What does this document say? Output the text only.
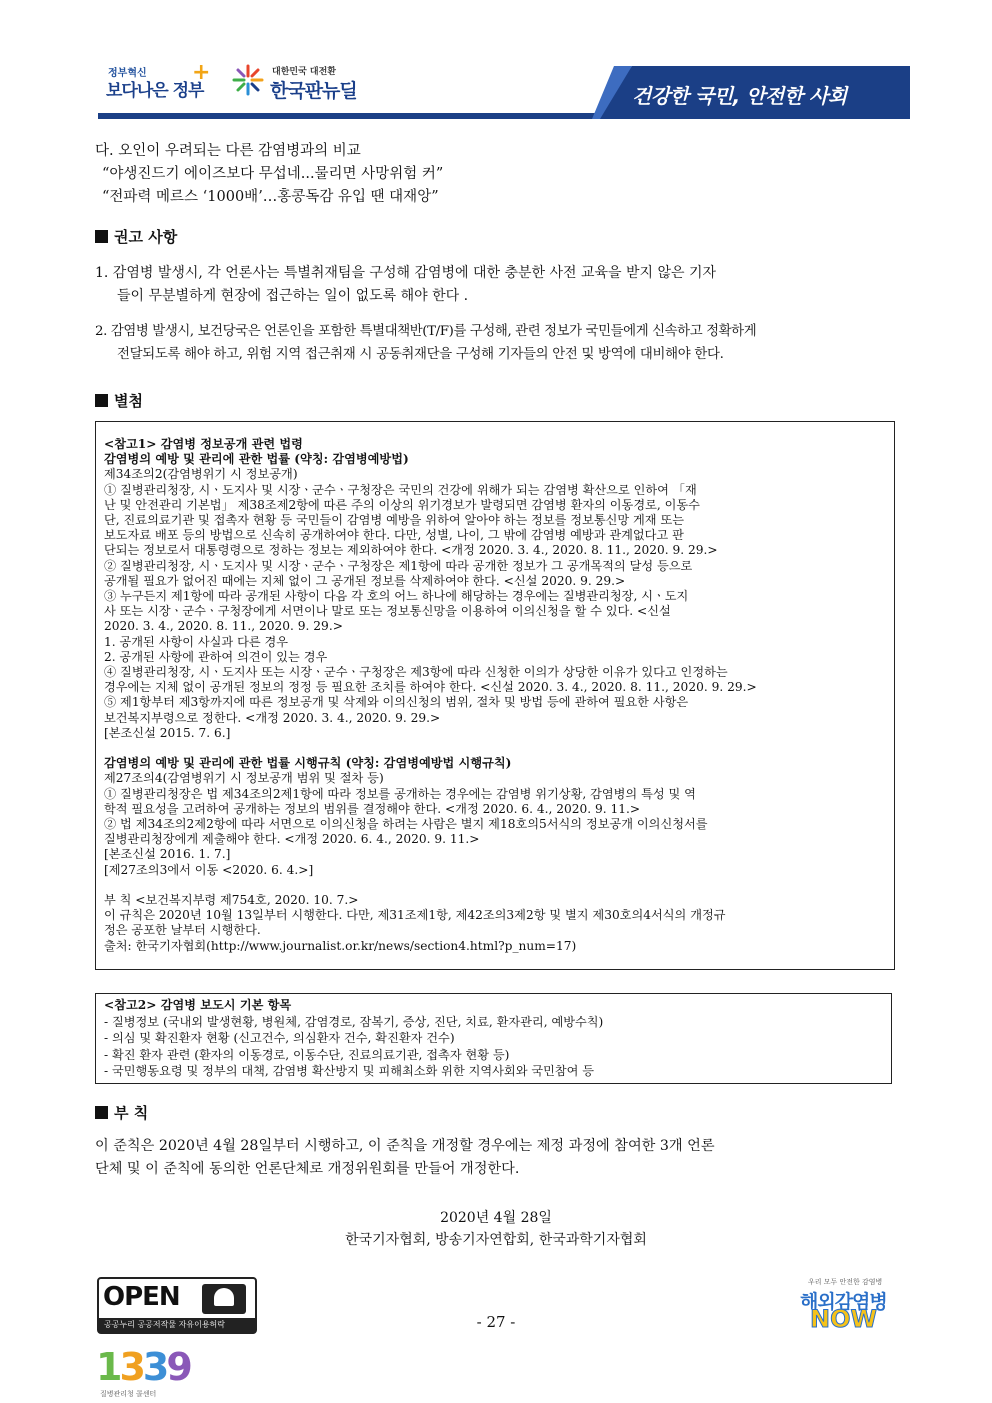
정부혁신
보다나은 정부
+	대한민국 대전환
한국판뉴딜	건강한 국민, 안전한 사회
다. 오인이 우려되는 다른 감염병과의 비교
“야생진드기 에이즈보다 무섭네...물리면 사망위험 커”
“전파력 메르스 ‘1000배’…홍콩독감 유입 땐 대재앙”
권고 사항
1. 감염병 발생시, 각 언론사는 특별취재팀을 구성해 감염병에 대한 충분한 사전 교육을 받지 않은 기자
들이 무분별하게 현장에 접근하는 일이 없도록 해야 한다 .
2. 감염병 발생시, 보건당국은 언론인을 포함한 특별대책반(T/F)를 구성해, 관련 정보가 국민들에게 신속하고 정확하게
전달되도록 해야 하고, 위험 지역 접근취재 시 공동취재단을 구성해 기자들의 안전 및 방역에 대비해야 한다.
별첨
<참고1> 감염병 정보공개 관련 법령
감염병의 예방 및 관리에 관한 법률 (약칭: 감염병예방법)
제34조의2(감염병위기 시 정보공개)
① 질병관리청장, 시ㆍ도지사 및 시장ㆍ군수ㆍ구청장은 국민의 건강에 위해가 되는 감염병 확산으로 인하여 「재
난 및 안전관리 기본법」 제38조제2항에 따른 주의 이상의 위기경보가 발령되면 감염병 환자의 이동경로, 이동수
단, 진료의료기관 및 접촉자 현황 등 국민들이 감염병 예방을 위하여 알아야 하는 정보를 정보통신망 게재 또는
보도자료 배포 등의 방법으로 신속히 공개하여야 한다. 다만, 성별, 나이, 그 밖에 감염병 예방과 관계없다고 판
단되는 정보로서 대통령령으로 정하는 정보는 제외하여야 한다. <개정 2020. 3. 4., 2020. 8. 11., 2020. 9. 29.>
② 질병관리청장, 시ㆍ도지사 및 시장ㆍ군수ㆍ구청장은 제1항에 따라 공개한 정보가 그 공개목적의 달성 등으로
공개될 필요가 없어진 때에는 지체 없이 그 공개된 정보를 삭제하여야 한다. <신설 2020. 9. 29.>
③ 누구든지 제1항에 따라 공개된 사항이 다음 각 호의 어느 하나에 해당하는 경우에는 질병관리청장, 시ㆍ도지
사 또는 시장ㆍ군수ㆍ구청장에게 서면이나 말로 또는 정보통신망을 이용하여 이의신청을 할 수 있다. <신설
2020. 3. 4., 2020. 8. 11., 2020. 9. 29.>
1. 공개된 사항이 사실과 다른 경우
2. 공개된 사항에 관하여 의견이 있는 경우
④ 질병관리청장, 시ㆍ도지사 또는 시장ㆍ군수ㆍ구청장은 제3항에 따라 신청한 이의가 상당한 이유가 있다고 인정하는
경우에는 지체 없이 공개된 정보의 정정 등 필요한 조치를 하여야 한다. <신설 2020. 3. 4., 2020. 8. 11., 2020. 9. 29.>
⑤ 제1항부터 제3항까지에 따른 정보공개 및 삭제와 이의신청의 범위, 절차 및 방법 등에 관하여 필요한 사항은
보건복지부령으로 정한다. <개정 2020. 3. 4., 2020. 9. 29.>
[본조신설 2015. 7. 6.]
감염병의 예방 및 관리에 관한 법률 시행규칙 (약칭: 감염병예방법 시행규칙)
제27조의4(감염병위기 시 정보공개 범위 및 절차 등)
① 질병관리청장은 법 제34조의2제1항에 따라 정보를 공개하는 경우에는 감염병 위기상황, 감염병의 특성 및 역
학적 필요성을 고려하여 공개하는 정보의 범위를 결정해야 한다. <개정 2020. 6. 4., 2020. 9. 11.>
② 법 제34조의2제2항에 따라 서면으로 이의신청을 하려는 사람은 별지 제18호의5서식의 정보공개 이의신청서를
질병관리청장에게 제출해야 한다. <개정 2020. 6. 4., 2020. 9. 11.>
[본조신설 2016. 1. 7.]
[제27조의3에서 이동 <2020. 6. 4.>]
부 칙 <보건복지부령 제754호, 2020. 10. 7.>
이 규칙은 2020년 10월 13일부터 시행한다. 다만, 제31조제1항, 제42조의3제2항 및 별지 제30호의4서식의 개정규
정은 공포한 날부터 시행한다.
출처: 한국기자협회(http://www.journalist.or.kr/news/section4.html?p_num=17)
<참고2> 감염병 보도시 기본 항목
- 질병정보 (국내외 발생현황, 병원체, 감염경로, 잠복기, 증상, 진단, 치료, 환자관리, 예방수칙)
- 의심 및 확진환자 현황 (신고건수, 의심환자 건수, 확진환자 건수)
- 확진 환자 관련 (환자의 이동경로, 이동수단, 진료의료기관, 접촉자 현황 등)
- 국민행동요령 및 정부의 대책, 감염병 확산방지 및 피해최소화 위한 지역사회와 국민참여 등
부 칙
이 준칙은 2020년 4월 28일부터 시행하고, 이 준칙을 개정할 경우에는 제정 과정에 참여한 3개 언론
단체 및 이 준칙에 동의한 언론단체로 개정위원회를 만들어 개정한다.
2020년 4월 28일
한국기자협회, 방송기자연합회, 한국과학기자협회
- 27 -
OPEN
공공누리 공공저작물 자유이용허락
1339
질병관리청 콜센터
우리 모두 안전한 감염병
해외감염병
NOW
